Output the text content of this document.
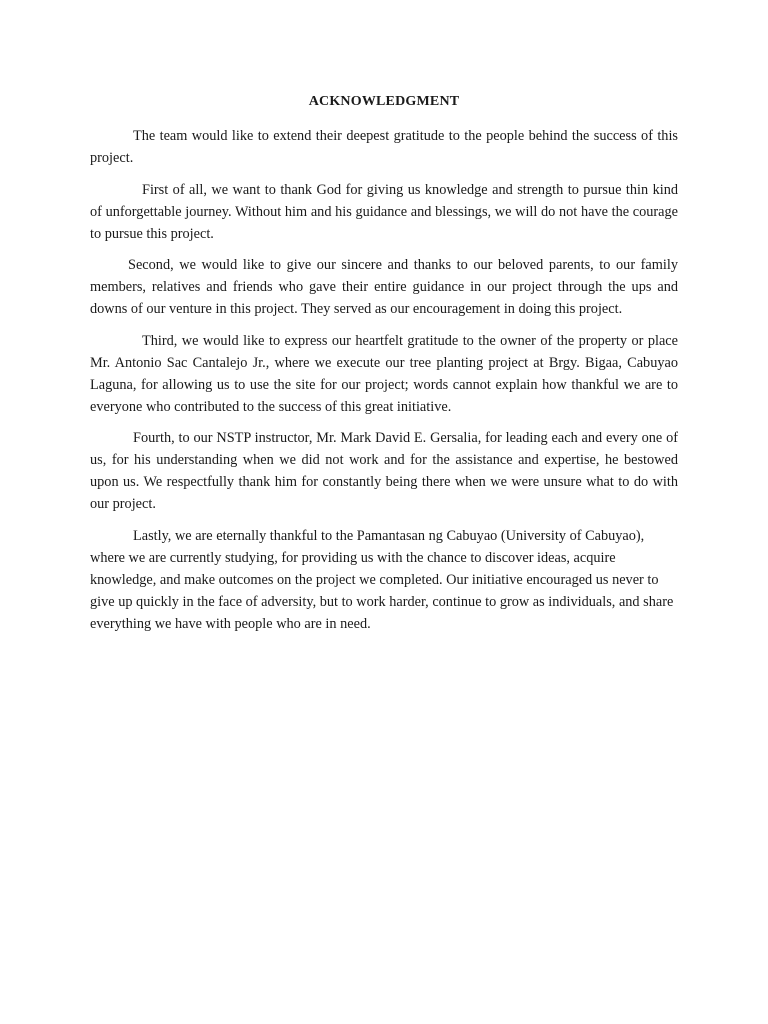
ACKNOWLEDGMENT

The team would like to extend their deepest gratitude to the people behind the success of this project.

First of all, we want to thank God for giving us knowledge and strength to pursue thin kind of unforgettable journey. Without him and his guidance and blessings, we will do not have the courage to pursue this project.

Second, we would like to give our sincere and thanks to our beloved parents, to our family members, relatives and friends who gave their entire guidance in our project through the ups and downs of our venture in this project. They served as our encouragement in doing this project.

Third, we would like to express our heartfelt gratitude to the owner of the property or place Mr. Antonio Sac Cantalejo Jr., where we execute our tree planting project at Brgy. Bigaa, Cabuyao Laguna, for allowing us to use the site for our project; words cannot explain how thankful we are to everyone who contributed to the success of this great initiative.

Fourth, to our NSTP instructor, Mr. Mark David E. Gersalia, for leading each and every one of us, for his understanding when we did not work and for the assistance and expertise, he bestowed upon us. We respectfully thank him for constantly being there when we were unsure what to do with our project.

Lastly, we are eternally thankful to the Pamantasan ng Cabuyao (University of Cabuyao), where we are currently studying, for providing us with the chance to discover ideas, acquire knowledge, and make outcomes on the project we completed. Our initiative encouraged us never to give up quickly in the face of adversity, but to work harder, continue to grow as individuals, and share everything we have with people who are in need.
